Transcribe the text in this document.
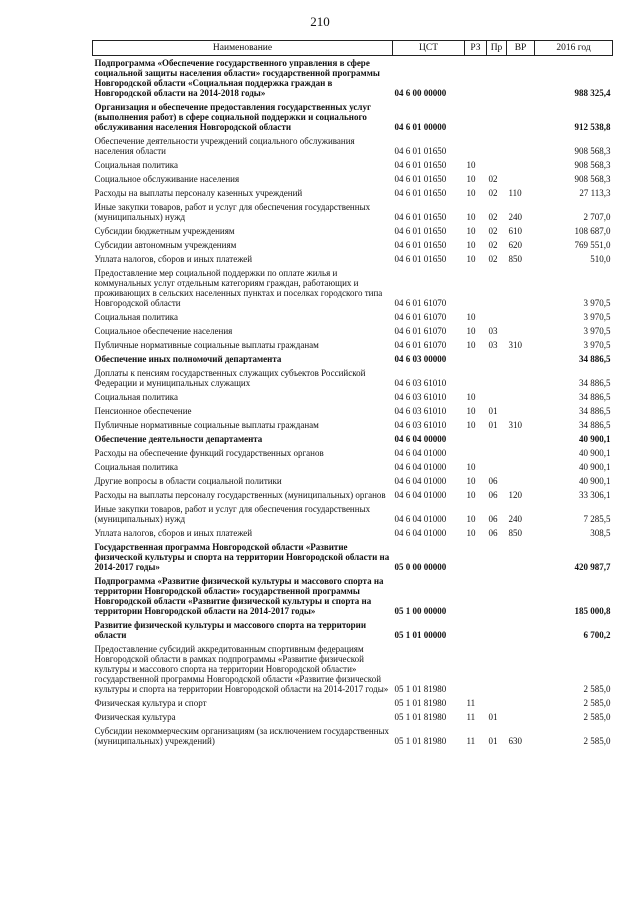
210
Наименование	ЦСТ	РЗ	Пр	ВР	2016 год
Подпрограмма «Обеспечение государственного управления в сфере социальной защиты населения области» государственной программы Новгородской области «Социальная поддержка граждан в Новгородской области на 2014-2018 годы»	04 6 00 00000				988 325,4
Организация и обеспечение предоставления государственных услуг (выполнения работ) в сфере социальной поддержки и социального обслуживания населения Новгородской области	04 6 01 00000				912 538,8
Обеспечение деятельности учреждений социального обслуживания населения области	04 6 01 01650				908 568,3
Социальная политика	04 6 01 01650	10			908 568,3
Социальное обслуживание населения	04 6 01 01650	10	02		908 568,3
Расходы на выплаты персоналу казенных учреждений	04 6 01 01650	10	02	110	27 113,3
Иные закупки товаров, работ и услуг для обеспечения государственных (муниципальных) нужд	04 6 01 01650	10	02	240	2 707,0
Субсидии бюджетным учреждениям	04 6 01 01650	10	02	610	108 687,0
Субсидии автономным учреждениям	04 6 01 01650	10	02	620	769 551,0
Уплата налогов, сборов и иных платежей	04 6 01 01650	10	02	850	510,0
Предоставление мер социальной поддержки по оплате жилья и коммунальных услуг отдельным категориям граждан, работающих и проживающих в сельских населенных пунктах и поселках городского типа Новгородской области	04 6 01 61070				3 970,5
Социальная политика	04 6 01 61070	10			3 970,5
Социальное обеспечение населения	04 6 01 61070	10	03		3 970,5
Публичные нормативные социальные выплаты гражданам	04 6 01 61070	10	03	310	3 970,5
Обеспечение иных полномочий департамента	04 6 03 00000				34 886,5
Доплаты к пенсиям государственных служащих субъектов Российской Федерации и муниципальных служащих	04 6 03 61010				34 886,5
Социальная политика	04 6 03 61010	10			34 886,5
Пенсионное обеспечение	04 6 03 61010	10	01		34 886,5
Публичные нормативные социальные выплаты гражданам	04 6 03 61010	10	01	310	34 886,5
Обеспечение деятельности департамента	04 6 04 00000				40 900,1
Расходы на обеспечение функций государственных органов	04 6 04 01000				40 900,1
Социальная политика	04 6 04 01000	10			40 900,1
Другие вопросы в области социальной политики	04 6 04 01000	10	06		40 900,1
Расходы на выплаты персоналу государственных (муниципальных) органов	04 6 04 01000	10	06	120	33 306,1
Иные закупки товаров, работ и услуг для обеспечения государственных (муниципальных) нужд	04 6 04 01000	10	06	240	7 285,5
Уплата налогов, сборов и иных платежей	04 6 04 01000	10	06	850	308,5
Государственная программа Новгородской области «Развитие физической культуры и спорта на территории Новгородской области на 2014-2017 годы»	05 0 00 00000				420 987,7
Подпрограмма «Развитие физической культуры и массового спорта на территории Новгородской области» государственной программы Новгородской области «Развитие физической культуры и спорта на территории Новгородской области на 2014-2017 годы»	05 1 00 00000				185 000,8
Развитие физической культуры и массового спорта на территории области	05 1 01 00000				6 700,2
Предоставление субсидий аккредитованным спортивным федерациям Новгородской области в рамках подпрограммы «Развитие физической культуры и массового спорта на территории Новгородской области» государственной программы Новгородской области «Развитие физической культуры и спорта на территории Новгородской области на 2014-2017 годы»	05 1 01 81980				2 585,0
Физическая культура и спорт	05 1 01 81980	11			2 585,0
Физическая культура	05 1 01 81980	11	01		2 585,0
Субсидии некоммерческим организациям (за исключением государственных (муниципальных) учреждений)	05 1 01 81980	11	01	630	2 585,0
